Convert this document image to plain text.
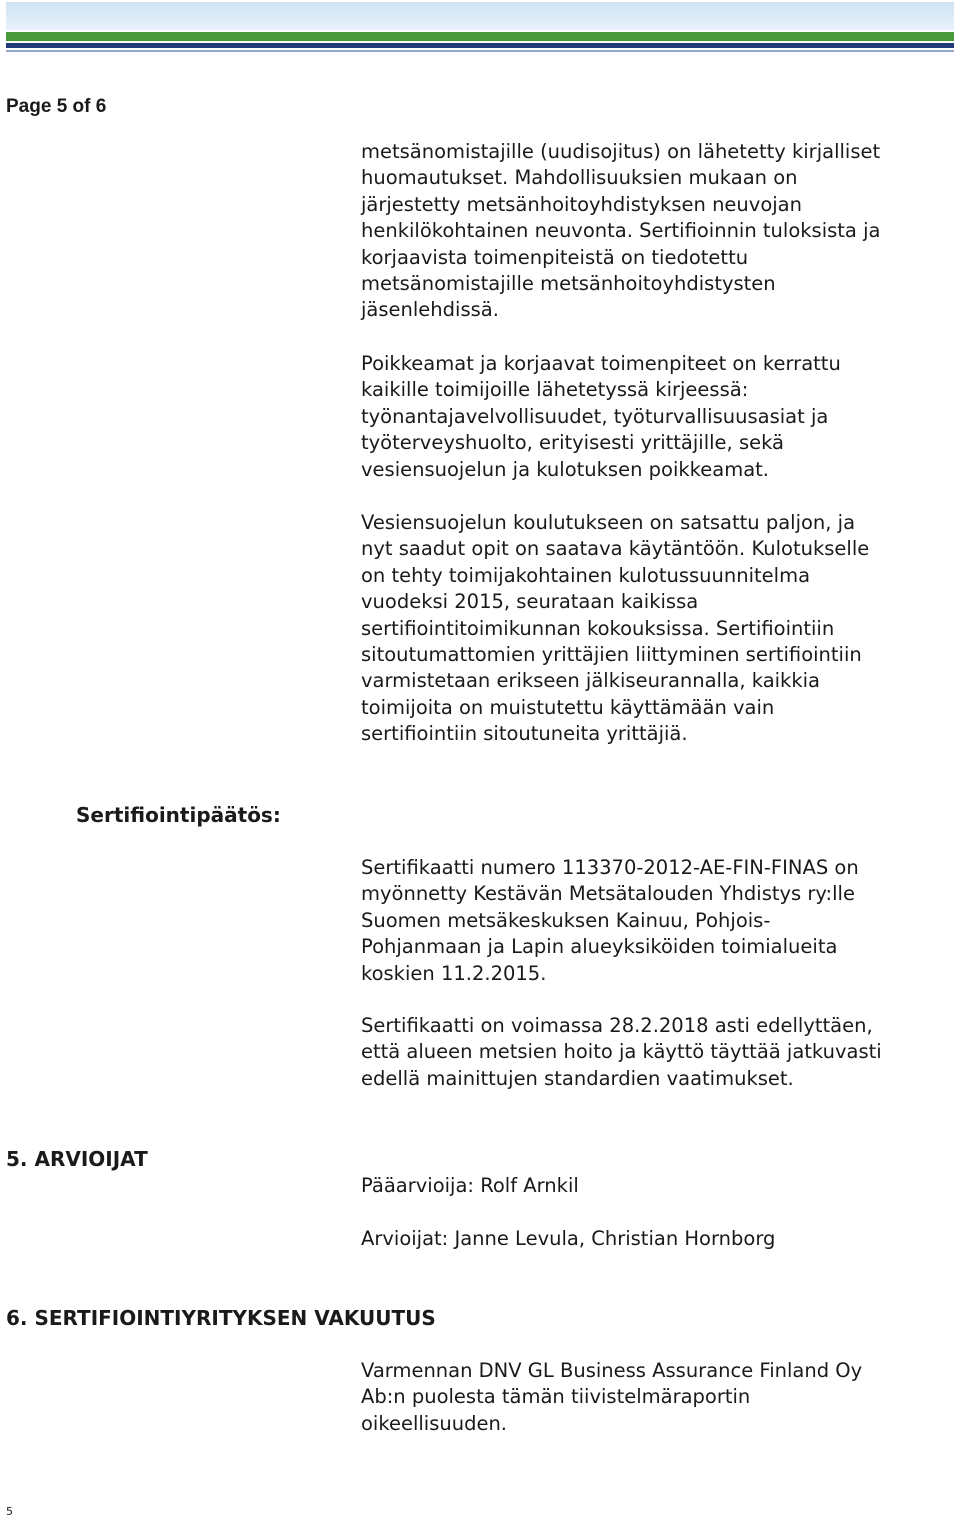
Page 5 of 6

metsänomistajille (uudisojitus) on lähetetty kirjalliset
huomautukset. Mahdollisuuksien mukaan on
järjestetty metsänhoitoyhdistyksen neuvojan
henkilökohtainen neuvonta. Sertifioinnin tuloksista ja
korjaavista toimenpiteistä on tiedotettu
metsänomistajille metsänhoitoyhdistysten
jäsenlehdissä.

Poikkeamat ja korjaavat toimenpiteet on kerrattu
kaikille toimijoille lähetetyssä kirjeessä:
työnantajavelvollisuudet, työturvallisuusasiat ja
työterveyshuolto, erityisesti yrittäjille, sekä
vesiensuojelun ja kulotuksen poikkeamat.

Vesiensuojelun koulutukseen on satsattu paljon, ja
nyt saadut opit on saatava käytäntöön. Kulotukselle
on tehty toimijakohtainen kulotussuunnitelma
vuodeksi 2015, seurataan kaikissa
sertifiointitoimikunnan kokouksissa. Sertifiointiin
sitoutumattomien yrittäjien liittyminen sertifiointiin
varmistetaan erikseen jälkiseurannalla, kaikkia
toimijoita on muistutettu käyttämään vain
sertifiointiin sitoutuneita yrittäjiä.

Sertifiointipäätös:

Sertifikaatti numero 113370-2012-AE-FIN-FINAS on
myönnetty Kestävän Metsätalouden Yhdistys ry:lle
Suomen metsäkeskuksen Kainuu, Pohjois-
Pohjanmaan ja Lapin alueyksiköiden toimialueita
koskien 11.2.2015.

Sertifikaatti on voimassa 28.2.2018 asti edellyttäen,
että alueen metsien hoito ja käyttö täyttää jatkuvasti
edellä mainittujen standardien vaatimukset.

5. ARVIOIJAT

Pääarvioija: Rolf Arnkil

Arvioijat: Janne Levula, Christian Hornborg

6. SERTIFIOINTIYRITYKSEN VAKUUTUS

Varmennan DNV GL Business Assurance Finland Oy
Ab:n puolesta tämän tiivistelmäraportin
oikeellisuuden.

5
